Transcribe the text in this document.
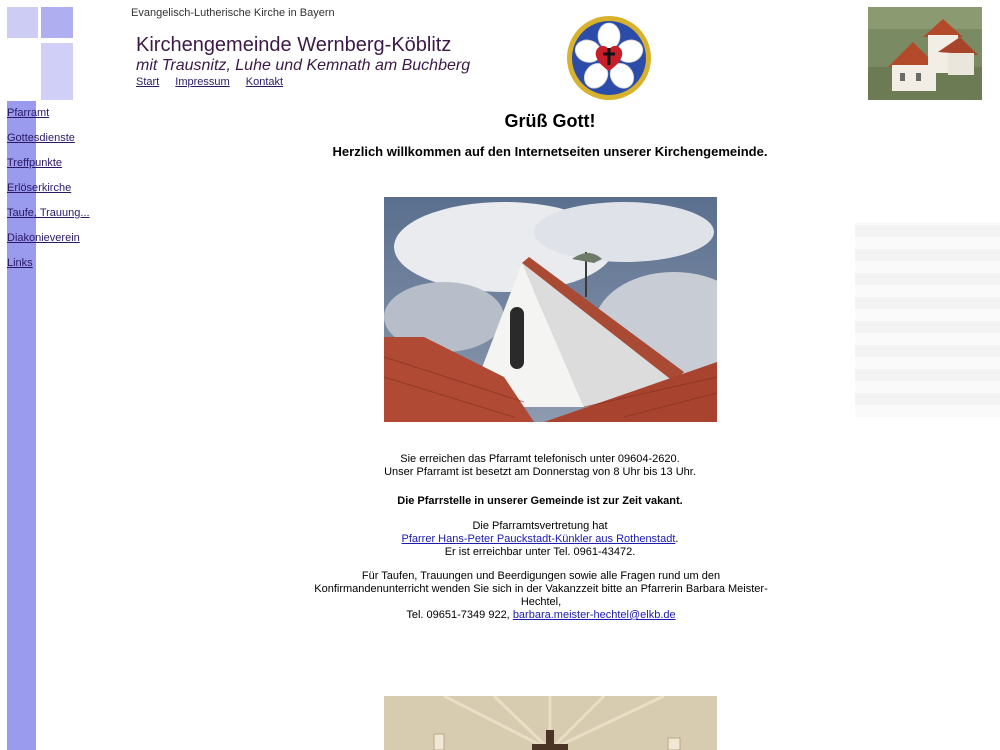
Evangelisch-Lutherische Kirche in Bayern
Kirchengemeinde Wernberg-Köblitz
mit Trausnitz, Luhe und Kemnath am Buchberg
Start Impressum Kontakt
Pfarramt
Gottesdienste
Treffpunkte
Erlöserkirche
Taufe, Trauung...
Diakonieverein
Links
Grüß Gott!
Herzlich willkommen auf den Internetseiten unserer Kirchengemeinde.
Sie erreichen das Pfarramt telefonisch unter 09604-2620.
Unser Pfarramt ist besetzt am Donnerstag von 8 Uhr bis 13 Uhr.
Die Pfarrstelle in unserer Gemeinde ist zur Zeit vakant.
Die Pfarramtsvertretung hat
Pfarrer Hans-Peter Pauckstadt-Künkler aus Rothenstadt.
Er ist erreichbar unter Tel. 0961-43472.
Für Taufen, Trauungen und Beerdigungen sowie alle Fragen rund um den Konfirmandenunterricht wenden Sie sich in der Vakanzzeit bitte an Pfarrerin Barbara Meister-Hechtel,
Tel. 09651-7349 922, barbara.meister-hechtel@elkb.de
